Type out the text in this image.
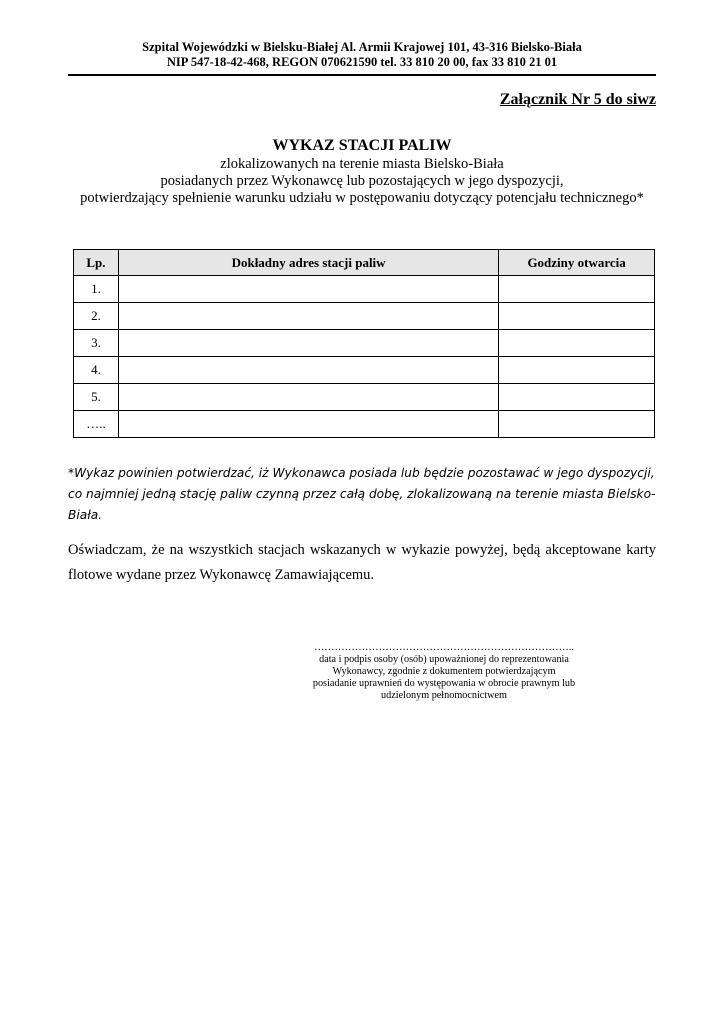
Szpital Wojewódzki w Bielsku-Białej Al. Armii Krajowej 101, 43-316 Bielsko-Biała
NIP 547-18-42-468, REGON 070621590 tel. 33 810 20 00, fax 33 810 21 01
Załącznik Nr 5 do siwz
WYKAZ STACJI PALIW
zlokalizowanych na terenie miasta Bielsko-Biała
posiadanych przez Wykonawcę lub pozostających w jego dyspozycji,
potwierdzający spełnienie warunku udziału w postępowaniu dotyczący potencjału technicznego*
Lp.	Dokładny adres stacji paliw	Godziny otwarcia
1.		
2.		
3.		
4.		
5.		
…..		
*Wykaz powinien potwierdzać, iż Wykonawca posiada lub będzie pozostawać w jego dyspozycji, co najmniej jedną stację paliw czynną przez całą dobę, zlokalizowaną na terenie miasta Bielsko-Biała.
Oświadczam, że na wszystkich stacjach wskazanych w wykazie powyżej, będą akceptowane karty flotowe wydane przez Wykonawcę Zamawiającemu.
…………………………………………………………………..
data i podpis osoby (osób) upoważnionej do reprezentowania
Wykonawcy, zgodnie z dokumentem potwierdzającym
posiadanie uprawnień do występowania w obrocie prawnym lub
udzielonym pełnomocnictwem
